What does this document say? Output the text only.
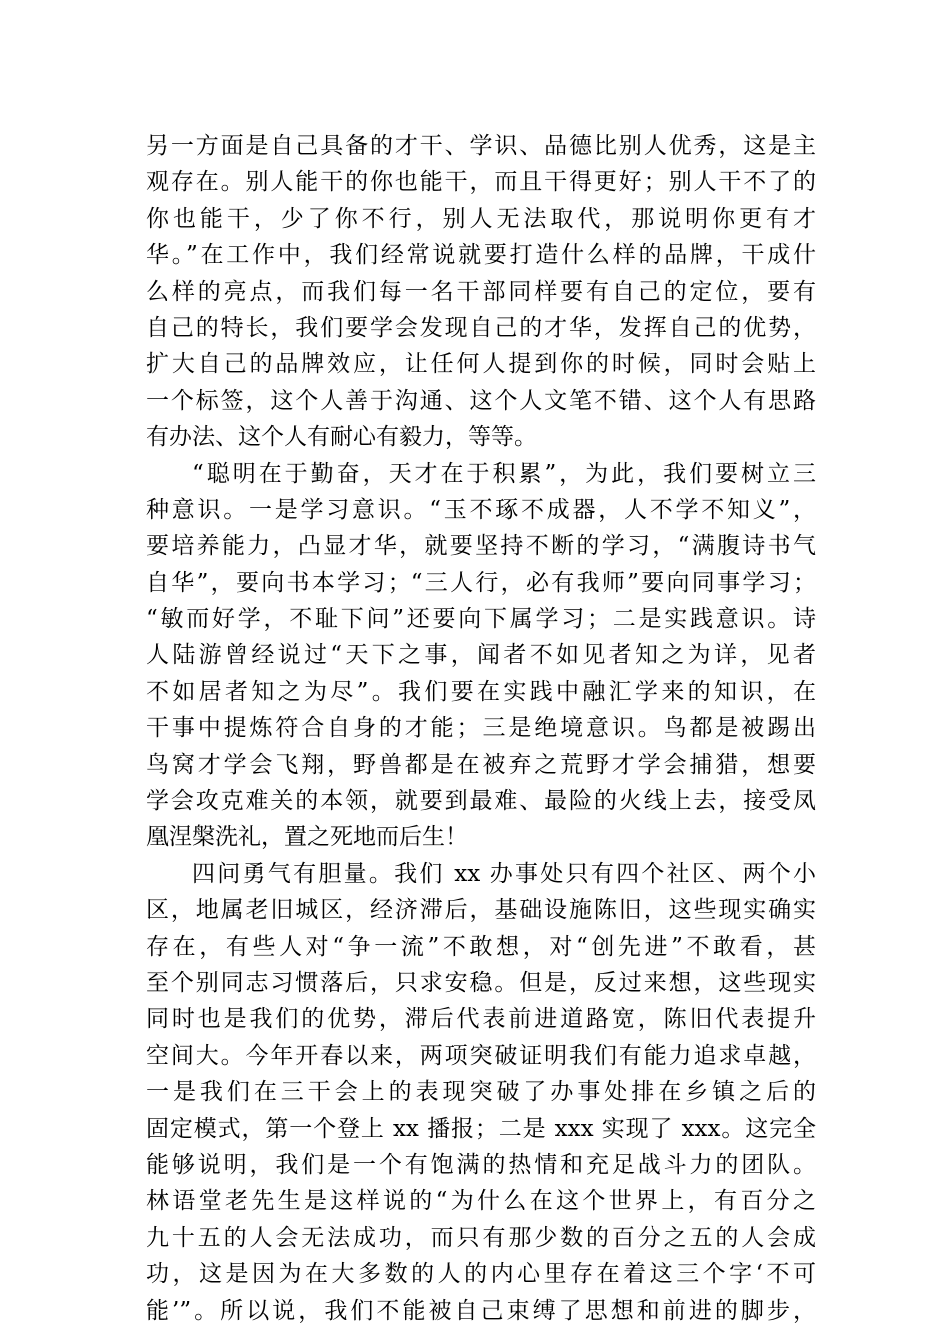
另一方面是自己具备的才干、学识、品德比别人优秀，这是主
观存在。别人能干的你也能干，而且干得更好；别人干不了的
你也能干，少了你不行，别人无法取代，那说明你更有才
华。”在工作中，我们经常说就要打造什么样的品牌，干成什
么样的亮点，而我们每一名干部同样要有自己的定位，要有
自己的特长，我们要学会发现自己的才华，发挥自己的优势，
扩大自己的品牌效应，让任何人提到你的时候，同时会贴上
一个标签，这个人善于沟通、这个人文笔不错、这个人有思路
有办法、这个人有耐心有毅力，等等。
“聪明在于勤奋，天才在于积累”，为此，我们要树立三
种意识。一是学习意识。“玉不琢不成器，人不学不知义”，
要培养能力，凸显才华，就要坚持不断的学习，“满腹诗书气
自华”，要向书本学习；“三人行，必有我师”要向同事学习；
“敏而好学，不耻下问”还要向下属学习；二是实践意识。诗
人陆游曾经说过“天下之事，闻者不如见者知之为详，见者
不如居者知之为尽”。我们要在实践中融汇学来的知识，在
干事中提炼符合自身的才能；三是绝境意识。鸟都是被踢出
鸟窝才学会飞翔，野兽都是在被弃之荒野才学会捕猎，想要
学会攻克难关的本领，就要到最难、最险的火线上去，接受凤
凰涅槃洗礼，置之死地而后生！
四问勇气有胆量。我们 xx 办事处只有四个社区、两个小
区，地属老旧城区，经济滞后，基础设施陈旧，这些现实确实
存在，有些人对“争一流”不敢想，对“创先进”不敢看，甚
至个别同志习惯落后，只求安稳。但是，反过来想，这些现实
同时也是我们的优势，滞后代表前进道路宽，陈旧代表提升
空间大。今年开春以来，两项突破证明我们有能力追求卓越，
一是我们在三干会上的表现突破了办事处排在乡镇之后的
固定模式，第一个登上 xx 播报；二是 xxx 实现了 xxx。这完全
能够说明，我们是一个有饱满的热情和充足战斗力的团队。
林语堂老先生是这样说的“为什么在这个世界上，有百分之
九十五的人会无法成功，而只有那少数的百分之五的人会成
功，这是因为在大多数的人的内心里存在着这三个字‘不可
能’”。所以说，我们不能被自己束缚了思想和前进的脚步，
